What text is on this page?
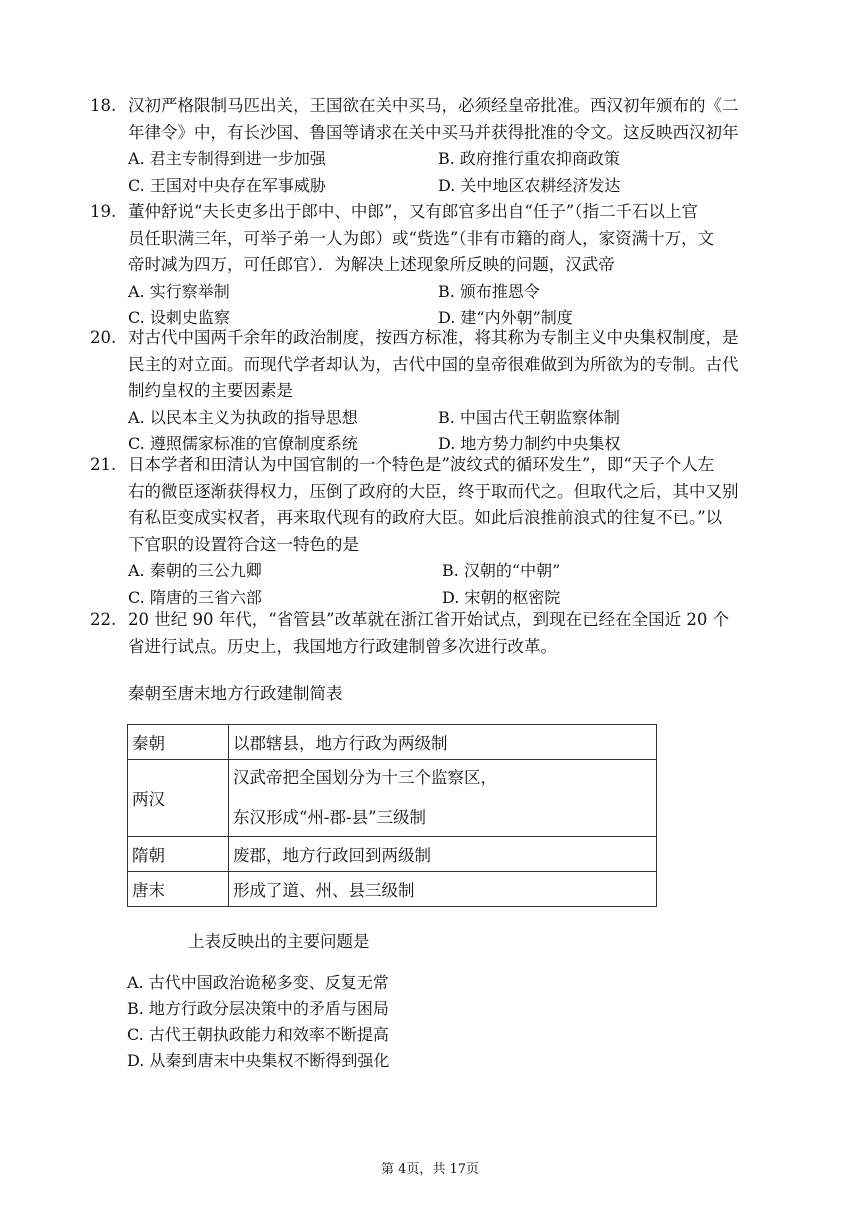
18. 汉初严格限制马匹出关，王国欲在关中买马，必须经皇帝批准。西汉初年颁布的《二
年律令》中，有长沙国、鲁国等请求在关中买马并获得批准的令文。这反映西汉初年
A. 君主专制得到进一步加强	B. 政府推行重农抑商政策
C. 王国对中央存在军事威胁	D. 关中地区农耕经济发达
19. 董仲舒说“夫长吏多出于郎中、中郎”，又有郎官多出自“任子”（指二千石以上官
员任职满三年，可举子弟一人为郎）或“赀选”（非有市籍的商人，家资满十万，文
帝时减为四万，可任郎官）．为解决上述现象所反映的问题，汉武帝
A. 实行察举制	B. 颁布推恩令
C. 设刺史监察	D. 建“内外朝”制度
20. 对古代中国两千余年的政治制度，按西方标准，将其称为专制主义中央集权制度，是
民主的对立面。而现代学者却认为，古代中国的皇帝很难做到为所欲为的专制。古代
制约皇权的主要因素是
A. 以民本主义为执政的指导思想	B. 中国古代王朝监察体制
C. 遵照儒家标准的官僚制度系统	D. 地方势力制约中央集权
21. 日本学者和田清认为中国官制的一个特色是”波纹式的循环发生”，即“天子个人左
右的微臣逐渐获得权力，压倒了政府的大臣，终于取而代之。但取代之后，其中又别
有私臣变成实权者，再来取代现有的政府大臣。如此后浪推前浪式的往复不已。”以
下官职的设置符合这一特色的是
A. 秦朝的三公九卿	B. 汉朝的“中朝”
C. 隋唐的三省六部	D. 宋朝的枢密院
22. 20 世纪 90 年代，“省管县”改革就在浙江省开始试点，到现在已经在全国近 20 个
省进行试点。历史上，我国地方行政建制曾多次进行改革。
秦朝至唐末地方行政建制简表
秦朝	以郡辖县，地方行政为两级制
两汉	汉武帝把全国划分为十三个监察区，
东汉形成“州-郡-县”三级制

隋朝	废郡，地方行政回到两级制
唐末	形成了道、州、县三级制
上表反映出的主要问题是
A. 古代中国政治诡秘多变、反复无常
B. 地方行政分层决策中的矛盾与困局
C. 古代王朝执政能力和效率不断提高
D. 从秦到唐末中央集权不断得到强化
第 4页，共 17页
